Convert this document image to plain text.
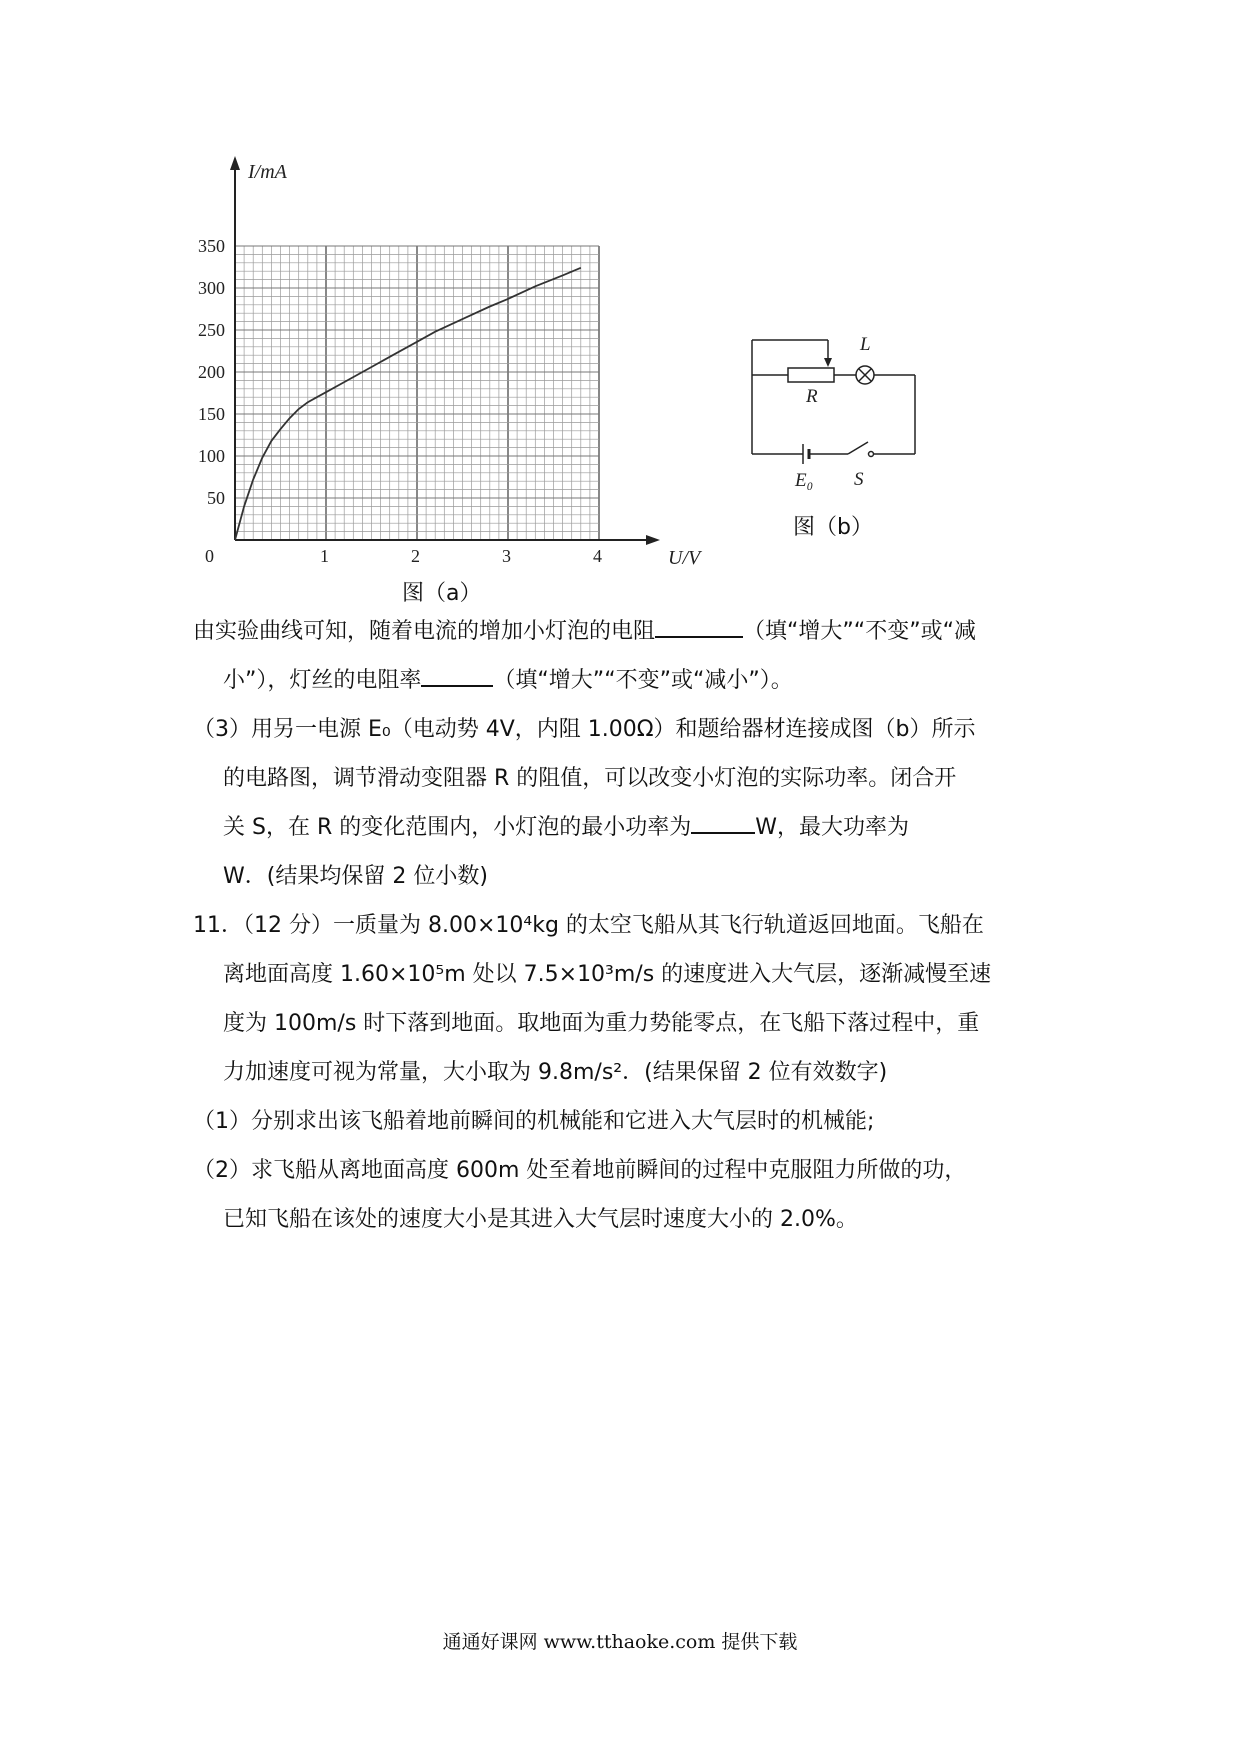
0	1	2	3	4
50
100
150
200
250
300
350
I/mA
U/V
图（a）
R
L
E₀ S
图（b）
由实验曲线可知，随着电流的增加小灯泡的电阻	（填“增大”“不变”或“减
小”），灯丝的电阻率	（填“增大”“不变”或“减小”）。
（3）用另一电源 E₀（电动势 4V，内阻 1.00Ω）和题给器材连接成图（b）所示
的电路图，调节滑动变阻器 R 的阻值，可以改变小灯泡的实际功率。闭合开
关 S，在 R 的变化范围内，小灯泡的最小功率为	W，最大功率为
W．(结果均保留 2 位小数)
11．（12 分）一质量为 8.00×10⁴kg 的太空飞船从其飞行轨道返回地面。飞船在
离地面高度 1.60×10⁵m 处以 7.5×10³m/s 的速度进入大气层，逐渐减慢至速
度为 100m/s 时下落到地面。取地面为重力势能零点，在飞船下落过程中，重
力加速度可视为常量，大小取为 9.8m/s²．(结果保留 2 位有效数字)
（1）分别求出该飞船着地前瞬间的机械能和它进入大气层时的机械能;
（2）求飞船从离地面高度 600m 处至着地前瞬间的过程中克服阻力所做的功，
已知飞船在该处的速度大小是其进入大气层时速度大小的 2.0%。
通通好课网 www.tthaoke.com 提供下载
